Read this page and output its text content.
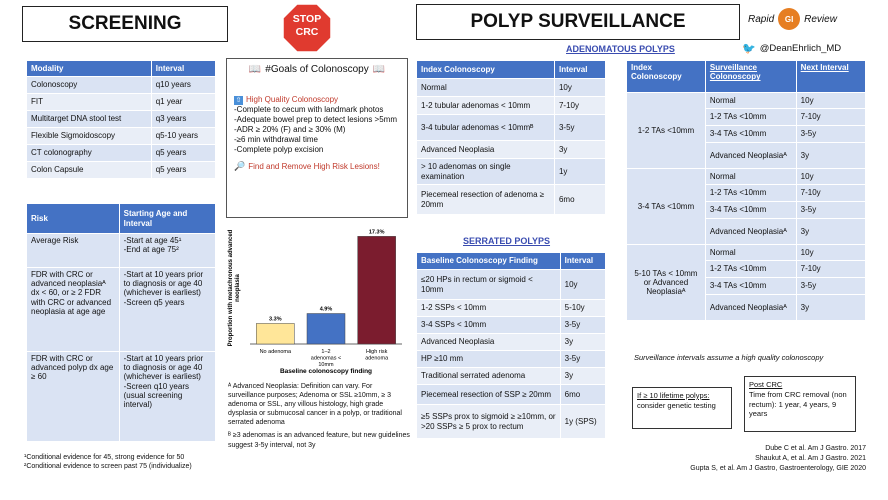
SCREENING
Modality	Interval
Colonoscopy	q10 years
FIT	q1 year
Multitarget DNA stool test	q3 years
Flexible Sigmoidoscopy	q5-10 years
CT colonography	q5 years
Colon Capsule	q5 years
Risk	Starting Age and Interval
Average Risk	-Start at age 45¹
-End at age 75²

FDR with CRC or advanced neoplasiaᴬ dx < 60, or ≥ 2 FDR with CRC or advanced neoplasia at age age	-Start at 10 years prior to diagnosis or age 40 (whichever is earliest)
-Screen q5 years

FDR with CRC or advanced polyp dx age ≥ 60	-Start at 10 years prior to diagnosis or age 40 (whichever is earliest)
-Screen q10 years (usual screening interval)
¹Conditional evidence for 45, strong evidence for 50
²Conditional evidence to screen past 75 (individualize)
STOP
CRC
📖 #Goals of Colonoscopy 📖
⇧ High Quality Colonoscopy
-Complete to cecum with landmark photos
-Adequate bowel prep to detect lesions >5mm
-ADR ≥ 20% (F) and ≥ 30% (M)
-≥6 min withdrawal time
-Complete polyp excision
🔎 Find and Remove High Risk Lesions!
3.3%
No adenoma
4.9%
1–2 adenomas < 10mm
17.3%
High risk adenoma
Baseline colonoscopy finding
Proportion with metachronous advancedneoplasia
ᴬ Advanced Neoplasia: Definition can vary. For surveillance purposes; Adenoma or SSL ≥10mm, ≥ 3 adenoma or SSL, any villous histology, high grade dysplasia or submucosal cancer in a polyp, or traditional serrated adenoma
ᴮ ≥3 adenomas is an advanced feature, but new guidelines suggest 3-5y interval, not 3y
POLYP SURVEILLANCE	Rapid GI Review
🐦 @DeanEhrlich_MD
ADENOMATOUS POLYPS
Index Colonoscopy	Interval
Normal	10y
1-2 tubular adenomas < 10mm	7-10y
3-4 tubular adenomas < 10mmᴮ	3-5y
Advanced Neoplasia	3y
> 10 adenomas on single examination	1y
Piecemeal resection of adenoma ≥ 20mm	6mo
SERRATED POLYPS
Baseline Colonoscopy Finding	Interval
≤20 HPs in rectum or sigmoid < 10mm	10y
1-2 SSPs < 10mm	5-10y
3-4 SSPs < 10mm	3-5y
Advanced Neoplasia	3y
HP ≥10 mm	3-5y
Traditional serrated adenoma	3y
Piecemeal resection of SSP ≥ 20mm	6mo
≥5 SSPs prox to sigmoid ≥ ≥10mm, or >20 SSPs ≥ 5 prox to rectum	1y (SPS)
Index Colonoscopy	Surveillance Colonoscopy	Next Interval
1-2 TAs <10mm	Normal	10y
	1-2 TAs <10mm	7-10y
	3-4 TAs <10mm	3-5y
	Advanced Neoplasiaᴬ	3y
3-4 TAs <10mm	Normal	10y
	1-2 TAs <10mm	7-10y
	3-4 TAs <10mm	3-5y
	Advanced Neoplasiaᴬ	3y
5-10 TAs < 10mm or Advanced Neoplasiaᴬ	Normal	10y
	1-2 TAs <10mm	7-10y
	3-4 TAs <10mm	3-5y
	Advanced Neoplasiaᴬ	3y
Surveillance intervals assume a high quality colonoscopy
If ≥ 10 lifetime polyps:
consider genetic testing
Post CRC
Time from CRC removal (non rectum): 1 year, 4 years, 9 years
Dube C et al. Am J Gastro. 2017
Shaukut A, et al. Am J Gastro. 2021
Gupta S, et al. Am J Gastro, Gastroenterology, GIE 2020
